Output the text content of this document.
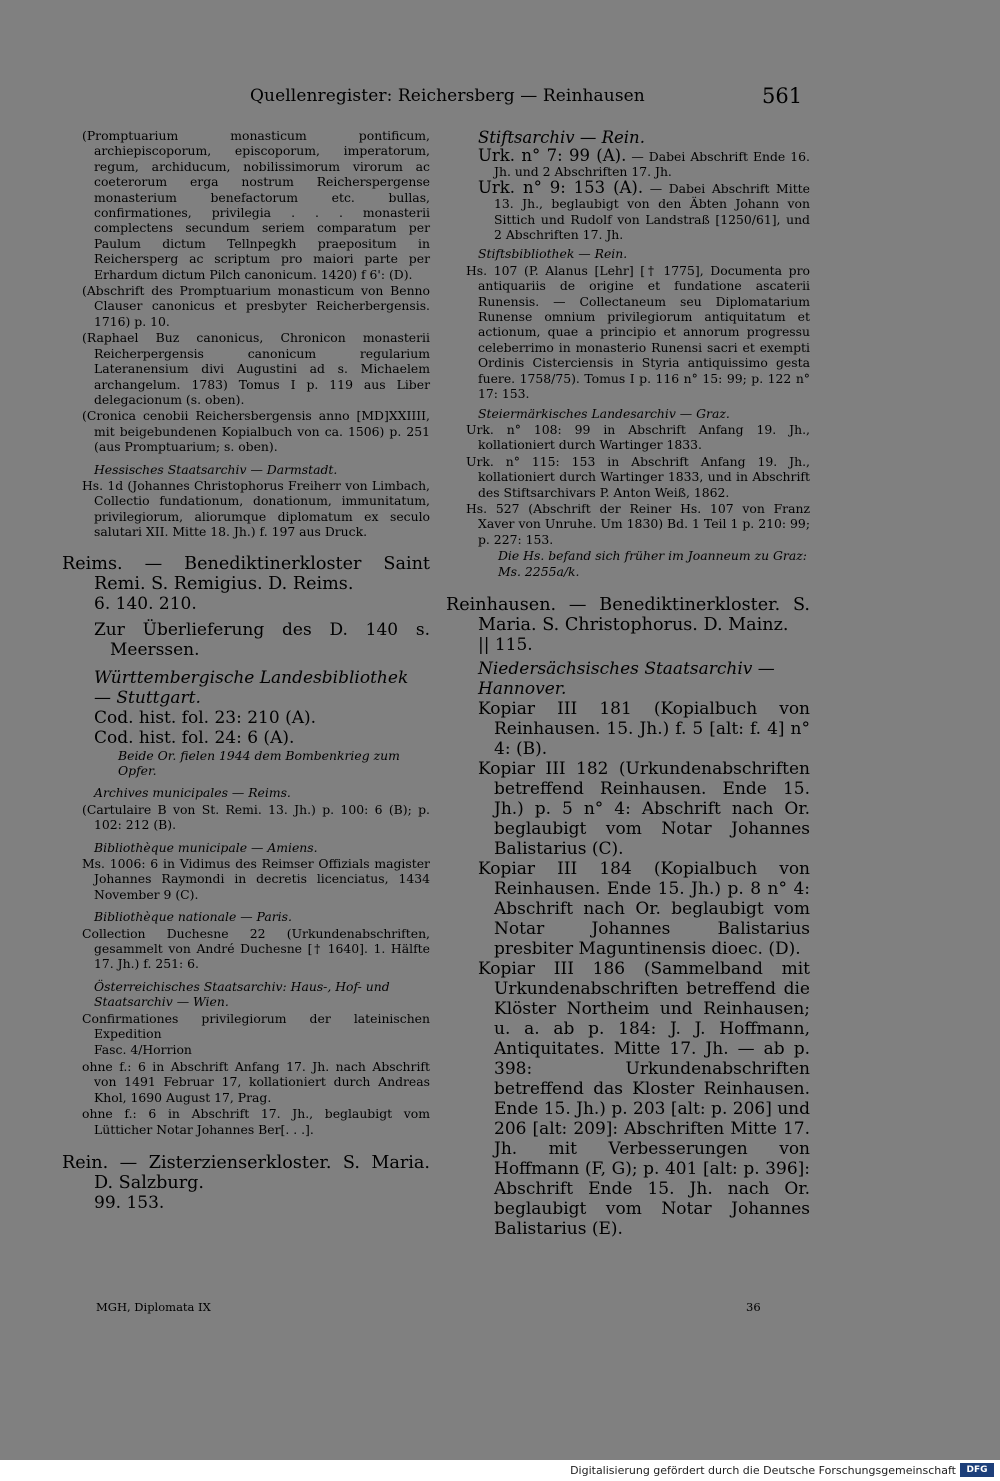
Quellenregister: Reichersberg — Reinhausen	561

(Promptuarium monasticum pontificum, archiepiscoporum, episcoporum, imperatorum, regum, archiducum, nobilissimorum virorum ac coeterorum erga nostrum Reicherspergense monasterium benefactorum etc. bullas, confirmationes, privilegia . . . monasterii complectens secundum seriem comparatum per Paulum dictum Tellnpegkh praepositum in Reichersperg ac scriptum pro maiori parte per Erhardum dictum Pilch canonicum. 1420) f 6': (D).

(Abschrift des Promptuarium monasticum von Benno Clauser canonicus et presbyter Reicherbergensis. 1716) p. 10.

(Raphael Buz canonicus, Chronicon monasterii Reicherpergensis canonicum regularium Lateranensium divi Augustini ad s. Michaelem archangelum. 1783) Tomus I p. 119 aus Liber delegacionum (s. oben).

(Cronica cenobii Reichersbergensis anno [MD]XXIIII, mit beigebundenen Kopialbuch von ca. 1506) p. 251 (aus Promptuarium; s. oben).

Hessisches Staatsarchiv — Darmstadt.

Hs. 1d (Johannes Christophorus Freiherr von Limbach, Collectio fundationum, donationum, immunitatum, privilegiorum, aliorumque diplomatum ex seculo salutari XII. Mitte 18. Jh.) f. 197 aus Druck.

Reims. — Benediktinerkloster Saint Remi. S. Remigius. D. Reims.

6. 140. 210.
Zur Überlieferung des D. 140 s. Meerssen.
Württembergische Landesbibliothek — Stuttgart.
Cod. hist. fol. 23: 210 (A).
Cod. hist. fol. 24: 6 (A).
Beide Or. fielen 1944 dem Bombenkrieg zum Opfer.
Archives municipales — Reims.

(Cartulaire B von St. Remi. 13. Jh.) p. 100: 6 (B); p. 102: 212 (B).

Bibliothèque municipale — Amiens.

Ms. 1006: 6 in Vidimus des Reimser Offizials magister Johannes Raymondi in decretis licenciatus, 1434 November 9 (C).

Bibliothèque nationale — Paris.

Collection Duchesne 22 (Urkundenabschriften, gesammelt von André Duchesne [† 1640]. 1. Hälfte 17. Jh.) f. 251: 6.

Österreichisches Staatsarchiv: Haus-, Hof- und Staatsarchiv — Wien.

Confirmationes privilegiorum der lateinischen Expedition

Fasc. 4/Horrion

ohne f.: 6 in Abschrift Anfang 17. Jh. nach Abschrift von 1491 Februar 17, kollationiert durch Andreas Khol, 1690 August 17, Prag.

ohne f.: 6 in Abschrift 17. Jh., beglaubigt vom Lütticher Notar Johannes Ber[. . .].

Rein. — Zisterzienserkloster. S. Maria. D. Salzburg.

99. 153.
Stiftsarchiv — Rein.

Urk. n° 7: 99 (A). — Dabei Abschrift Ende 16. Jh. und 2 Abschriften 17. Jh.

Urk. n° 9: 153 (A). — Dabei Abschrift Mitte 13. Jh., beglaubigt von den Äbten Johann von Sittich und Rudolf von Landstraß [1250/61], und 2 Abschriften 17. Jh.

Stiftsbibliothek — Rein.

Hs. 107 (P. Alanus [Lehr] [† 1775], Documenta pro antiquariis de origine et fundatione ascaterii Runensis. — Collectaneum seu Diplomatarium Runense omnium privilegiorum antiquitatum et actionum, quae a principio et annorum progressu celeberrimo in monasterio Runensi sacri et exempti Ordinis Cisterciensis in Styria antiquissimo gesta fuere. 1758/75). Tomus I p. 116 n° 15: 99; p. 122 n° 17: 153.

Steiermärkisches Landesarchiv — Graz.

Urk. n° 108: 99 in Abschrift Anfang 19. Jh., kollationiert durch Wartinger 1833.

Urk. n° 115: 153 in Abschrift Anfang 19. Jh., kollationiert durch Wartinger 1833, und in Abschrift des Stiftsarchivars P. Anton Weiß, 1862.

Hs. 527 (Abschrift der Reiner Hs. 107 von Franz Xaver von Unruhe. Um 1830) Bd. 1 Teil 1 p. 210: 99; p. 227: 153.

Die Hs. befand sich früher im Joanneum zu Graz: Ms. 2255a/k.

Reinhausen. — Benediktinerkloster. S. Maria. S. Christophorus. D. Mainz.

|| 115.
Niedersächsisches Staatsarchiv — Hannover.

Kopiar III 181 (Kopialbuch von Reinhausen. 15. Jh.) f. 5 [alt: f. 4] n° 4: (B).

Kopiar III 182 (Urkundenabschriften betreffend Reinhausen. Ende 15. Jh.) p. 5 n° 4: Abschrift nach Or. beglaubigt vom Notar Johannes Balistarius (C).

Kopiar III 184 (Kopialbuch von Reinhausen. Ende 15. Jh.) p. 8 n° 4: Abschrift nach Or. beglaubigt vom Notar Johannes Balistarius presbiter Maguntinensis dioec. (D).

Kopiar III 186 (Sammelband mit Urkundenabschriften betreffend die Klöster Northeim und Reinhausen; u. a. ab p. 184: J. J. Hoffmann, Antiquitates. Mitte 17. Jh. — ab p. 398: Urkundenabschriften betreffend das Kloster Reinhausen. Ende 15. Jh.) p. 203 [alt: p. 206] und 206 [alt: 209]: Abschriften Mitte 17. Jh. mit Verbesserungen von Hoffmann (F, G); p. 401 [alt: p. 396]: Abschrift Ende 15. Jh. nach Or. beglaubigt vom Notar Johannes Balistarius (E).

MGH, Diplomata IX	36
Digitalisierung gefördert durch die Deutsche Forschungsgemeinschaft	DFG
